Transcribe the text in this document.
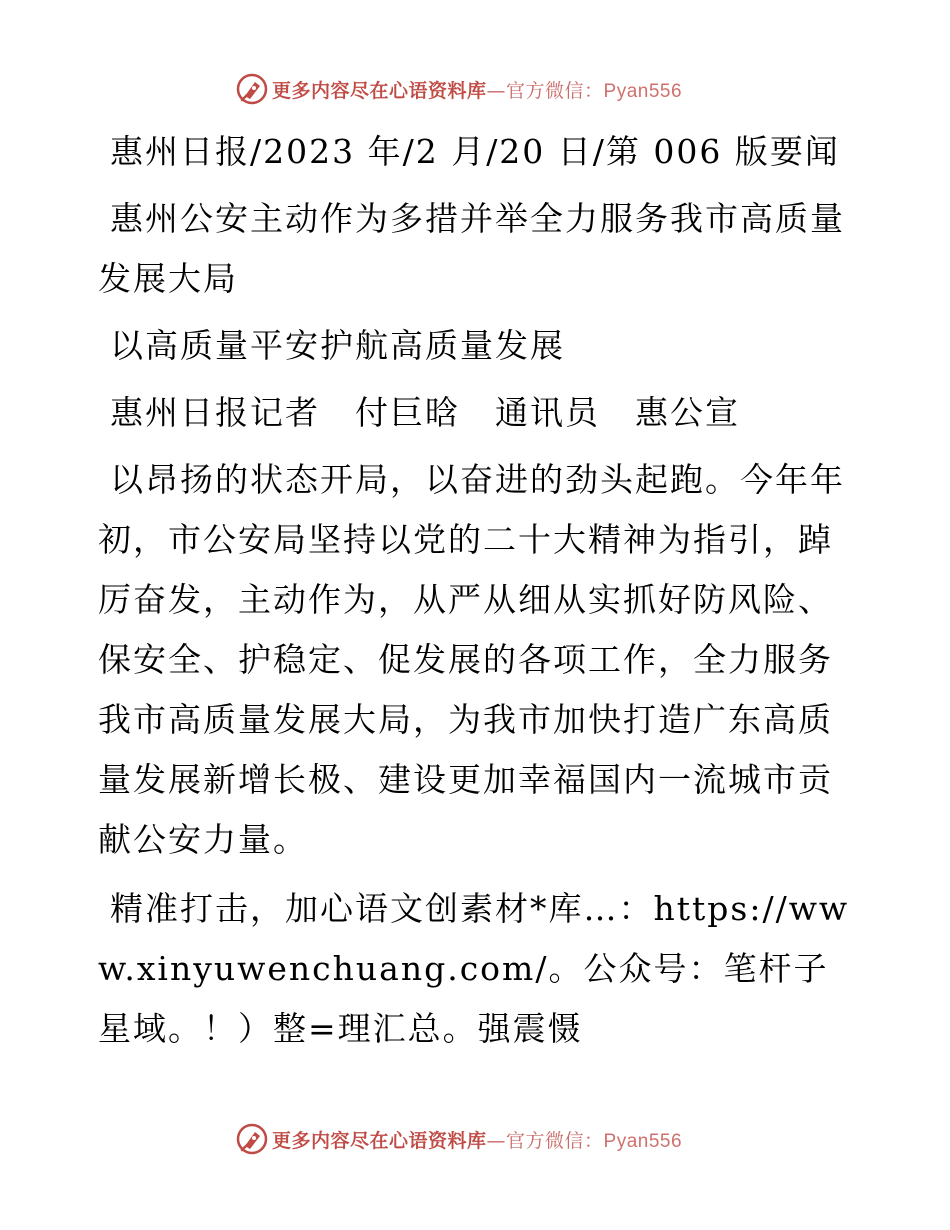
更多内容尽在心语资料库—官方微信：Pyan556

惠州日报/2023 年/2 月/20 日/第 006 版要闻

惠州公安主动作为多措并举全力服务我市高质量发展大局

以高质量平安护航高质量发展

惠州日报记者　付巨晗　通讯员　惠公宣

以昂扬的状态开局，以奋进的劲头起跑。今年年初，市公安局坚持以党的二十大精神为指引，踔厉奋发，主动作为，从严从细从实抓好防风险、保安全、护稳定、促发展的各项工作，全力服务我市高质量发展大局，为我市加快打造广东高质量发展新增长极、建设更加幸福国内一流城市贡献公安力量。

精准打击，加心语文创素材*库…：https://www.xinyuwenchuang.com/。公众号：笔杆子星域。！）整=理汇总。强震慑

更多内容尽在心语资料库—官方微信：Pyan556
